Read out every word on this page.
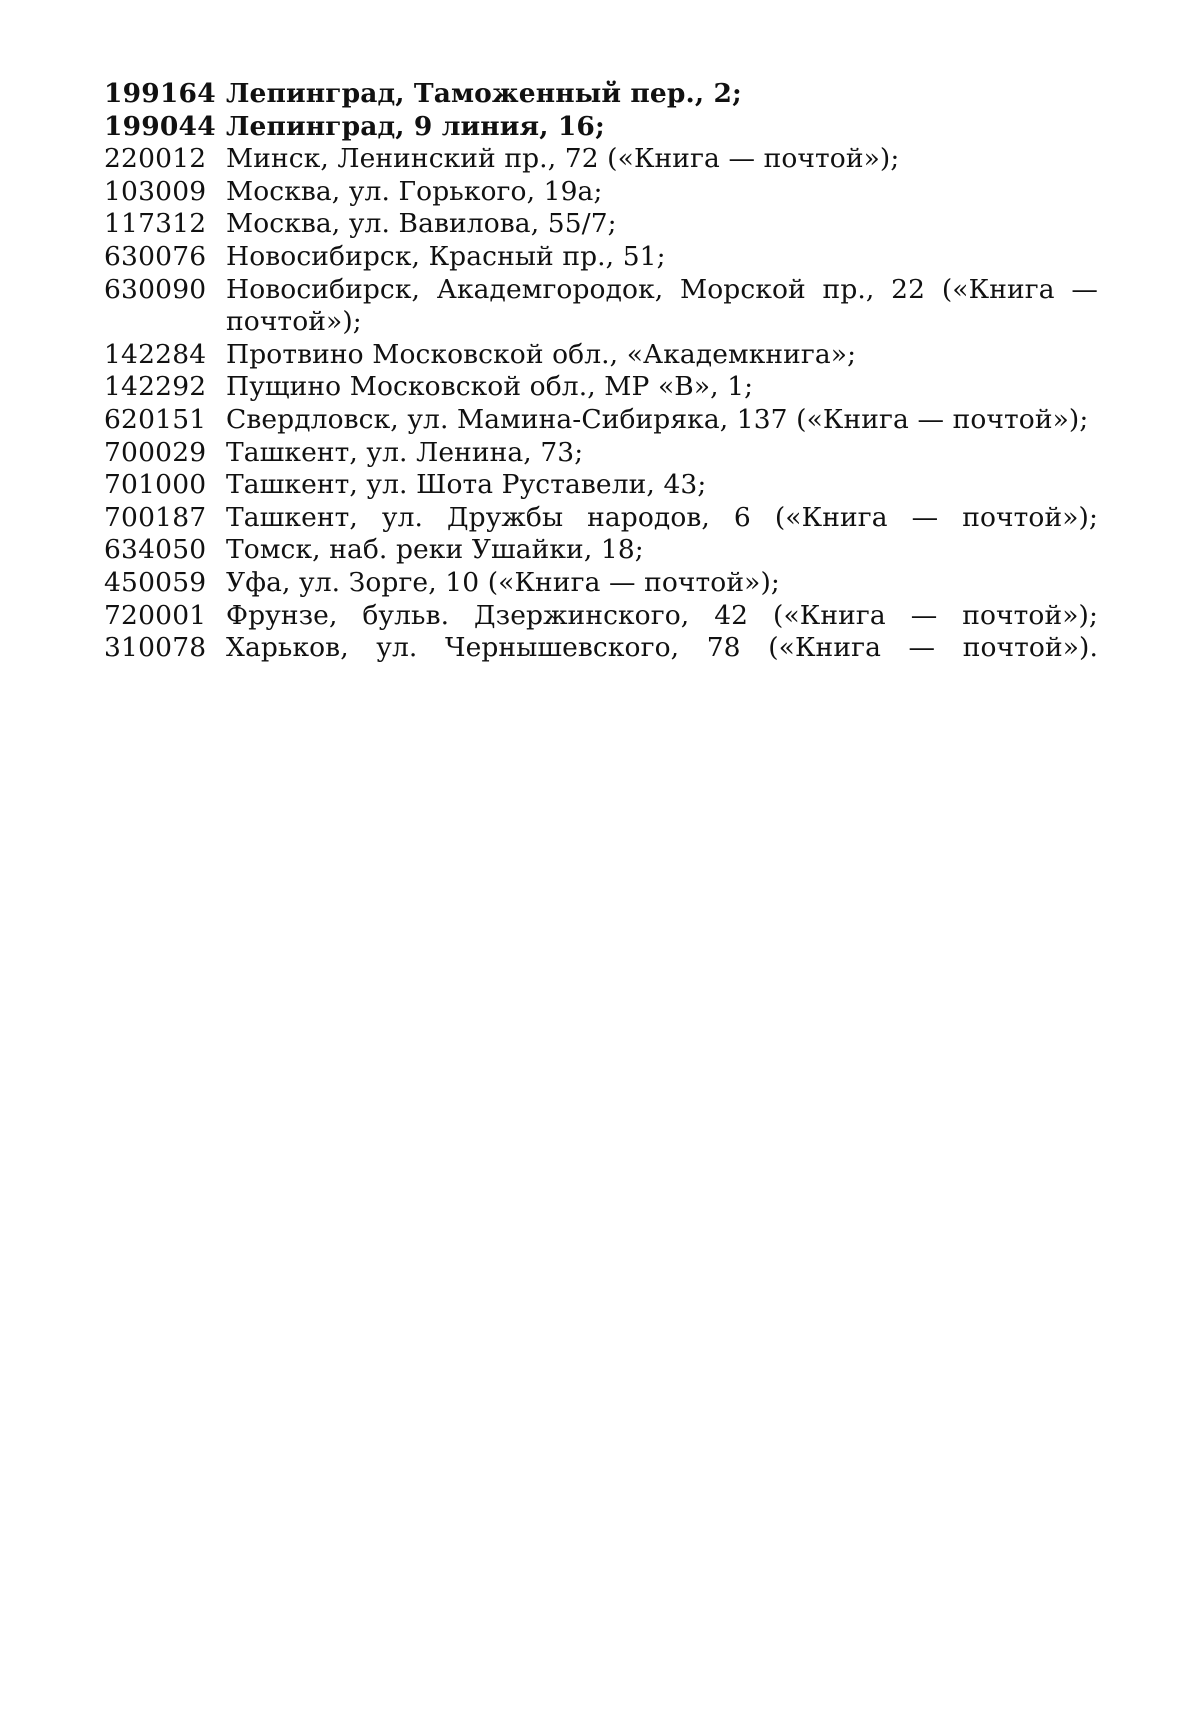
199164 Лепинград, Таможенный пер., 2;
199044 Лепинград, 9 линия, 16;
220012 Минск, Ленинский пр., 72 («Книга — почтой»);
103009 Москва, ул. Горького, 19а;
117312 Москва, ул. Вавилова, 55/7;
630076 Новосибирск, Красный пр., 51;
630090 Новосибирск, Академгородок, Морской пр., 22 («Книга — почтой»);
142284 Протвино Московской обл., «Академкнига»;
142292 Пущино Московской обл., МР «В», 1;
620151 Свердловск, ул. Мамина-Сибиряка, 137 («Книга — почтой»);
700029 Ташкент, ул. Ленина, 73;
701000 Ташкент, ул. Шота Руставели, 43;
700187 Ташкент, ул. Дружбы народов, 6 («Книга — почтой»);
634050 Томск, наб. реки Ушайки, 18;
450059 Уфа, ул. Зорге, 10 («Книга — почтой»);
720001 Фрунзе, бульв. Дзержинского, 42 («Книга — почтой»);
310078 Харьков, ул. Чернышевского, 78 («Книга — почтой»).
